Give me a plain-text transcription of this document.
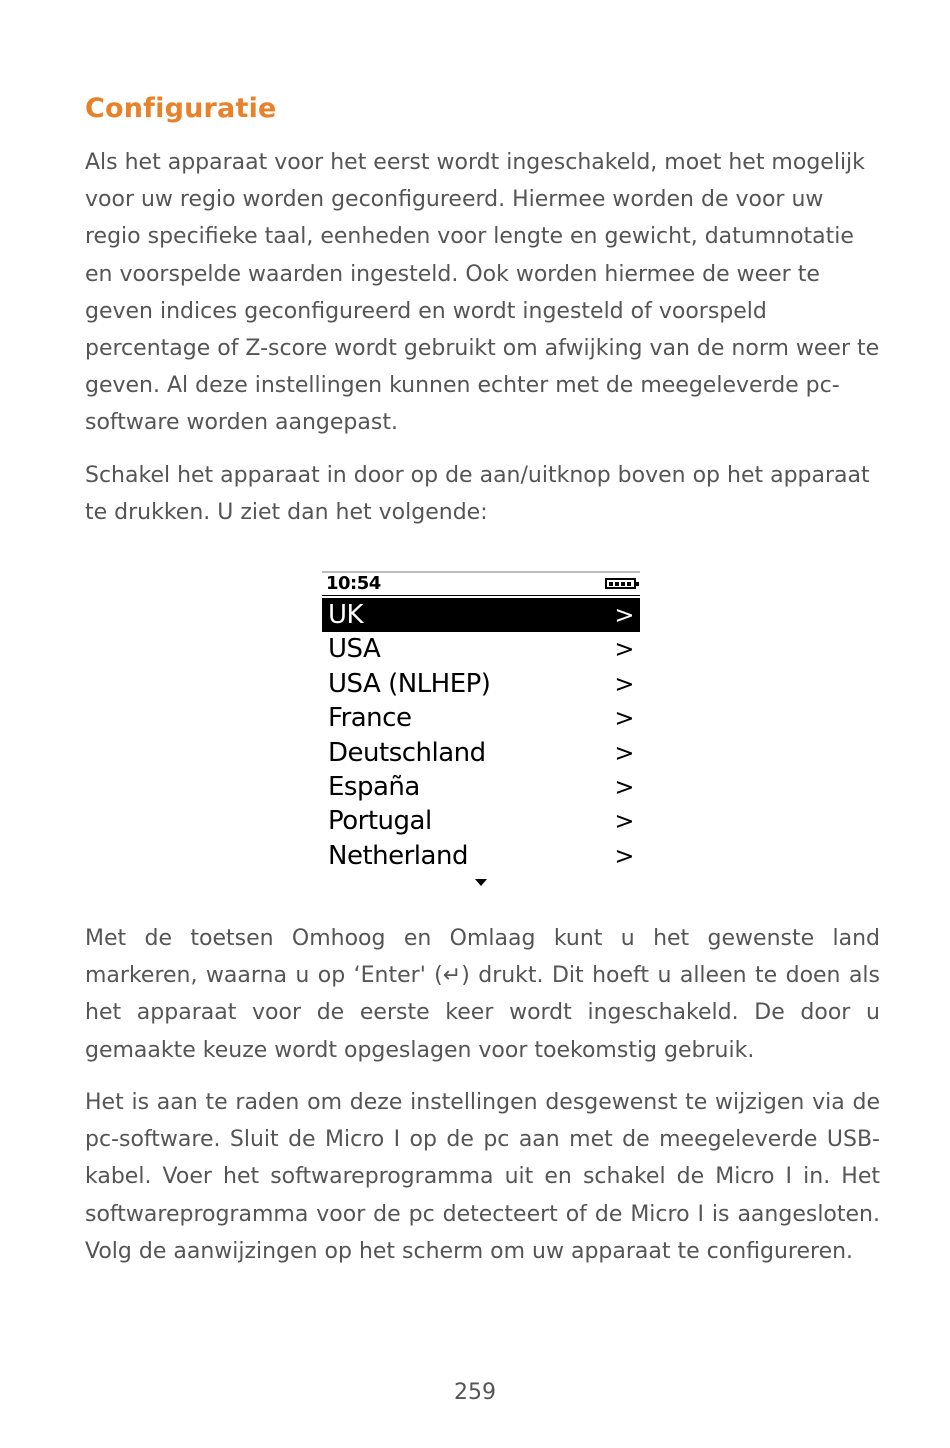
Configuratie

Als het apparaat voor het eerst wordt ingeschakeld, moet het mogelijk voor uw regio worden geconfigureerd. Hiermee worden de voor uw regio specifieke taal, eenheden voor lengte en gewicht, datumnotatie en voorspelde waarden ingesteld. Ook worden hiermee de weer te geven indices geconfigureerd en wordt ingesteld of voorspeld percentage of Z-score wordt gebruikt om afwijking van de norm weer te geven. Al deze instellingen kunnen echter met de meegeleverde pc-software worden aangepast.

Schakel het apparaat in door op de aan/uitknop boven op het apparaat te drukken. U ziet dan het volgende:

10:54
UK	>
USA	>
USA (NLHEP)	>
France	>
Deutschland	>
España	>
Portugal	>
Netherland	>

Met de toetsen Omhoog en Omlaag kunt u het gewenste land markeren, waarna u op ‘Enter' (↵) drukt. Dit hoeft u alleen te doen als het apparaat voor de eerste keer wordt ingeschakeld. De door u gemaakte keuze wordt opgeslagen voor toekomstig gebruik.

Het is aan te raden om deze instellingen desgewenst te wijzigen via de pc-software. Sluit de Micro I op de pc aan met de meegeleverde USB-kabel. Voer het softwareprogramma uit en schakel de Micro I in. Het softwareprogramma voor de pc detecteert of de Micro I is aangesloten. Volg de aanwijzingen op het scherm om uw apparaat te configureren.

259
